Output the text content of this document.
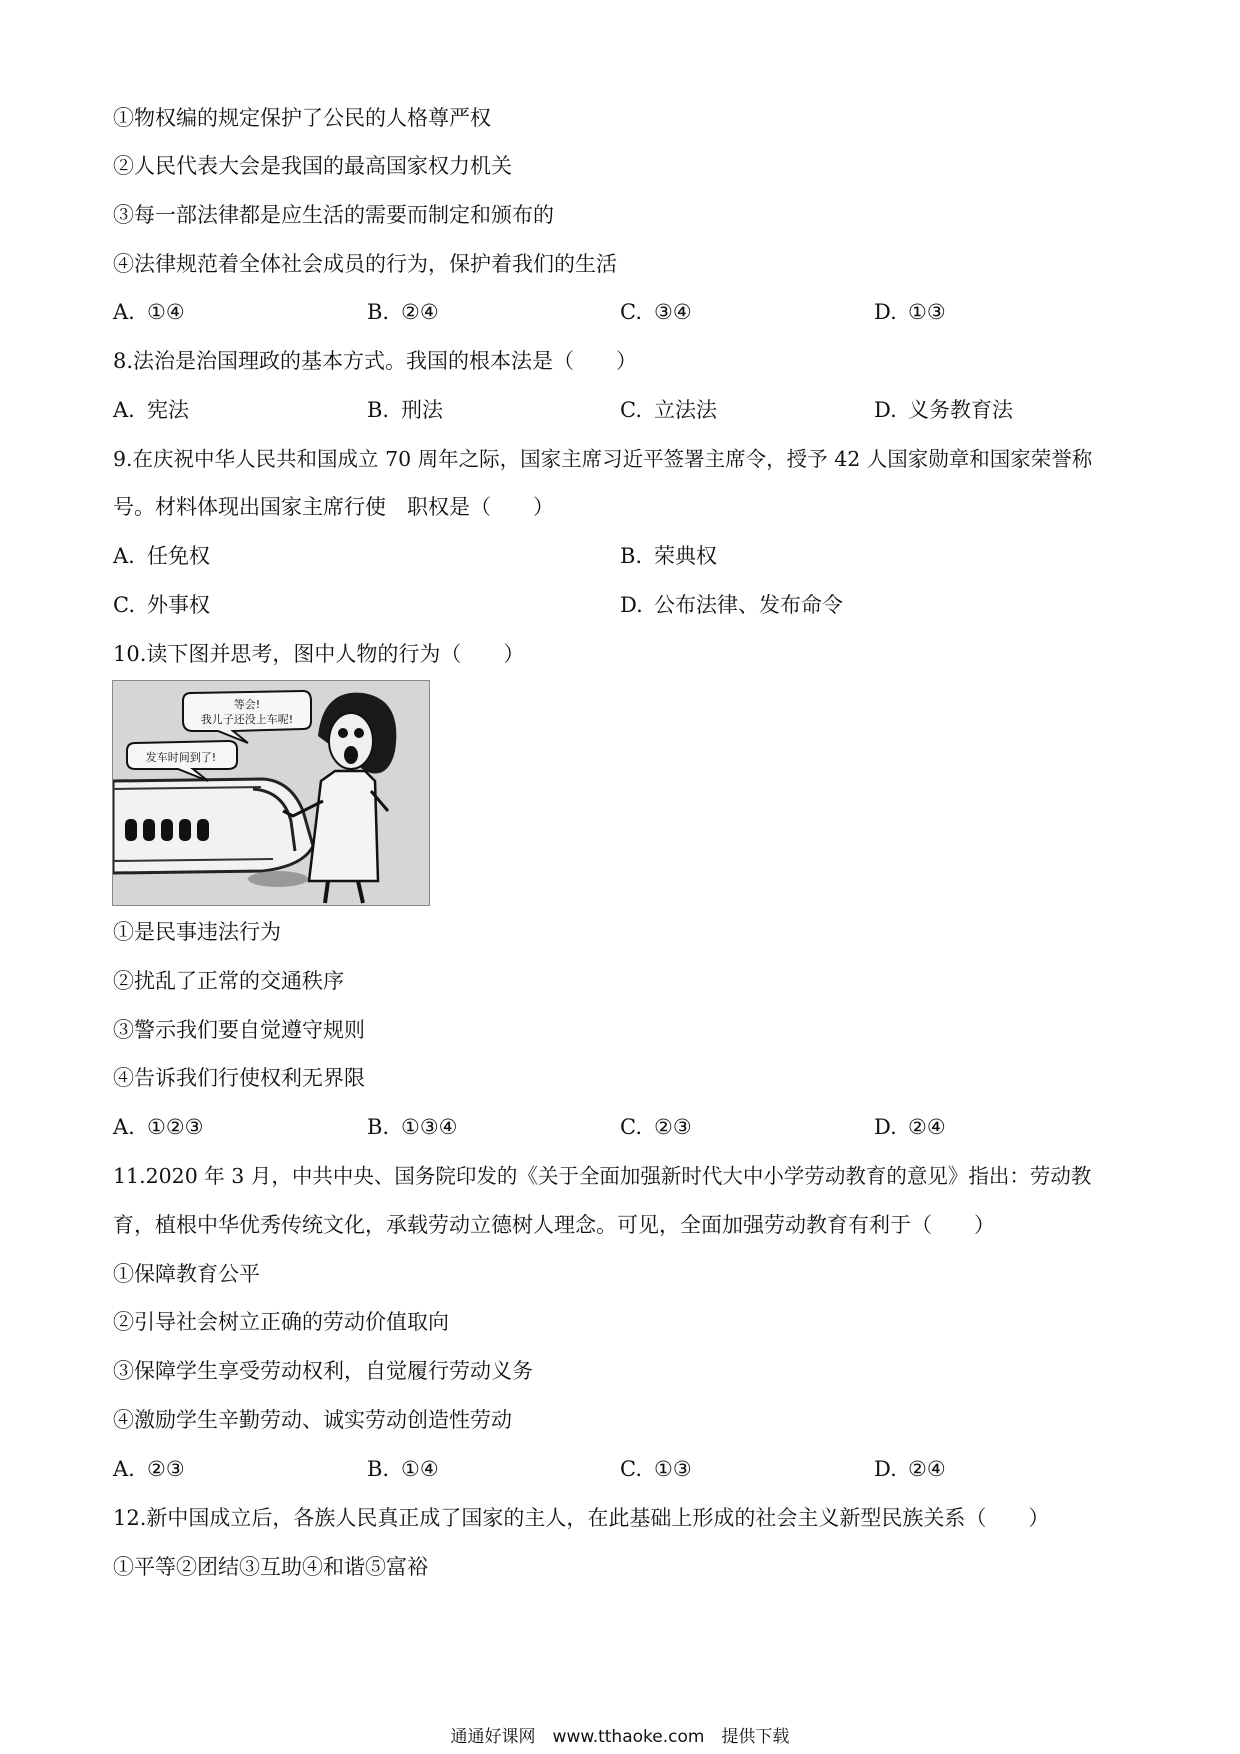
①物权编的规定保护了公民的人格尊严权

②人民代表大会是我国的最高国家权力机关

③每一部法律都是应生活的需要而制定和颁布的

④法律规范着全体社会成员的行为，保护着我们的生活

A. ①④	B. ②④	C. ③④	D. ①③

8.法治是治国理政的基本方式。我国的根本法是（　　）

A. 宪法	B. 刑法	C. 立法法	D. 义务教育法

9.在庆祝中华人民共和国成立 70 周年之际，国家主席习近平签署主席令，授予 42 人国家勋章和国家荣誉称

号。材料体现出国家主席行使　职权是（　　）

A. 任免权	B. 荣典权
C. 外事权	D. 公布法律、发布命令

10.读下图并思考，图中人物的行为（　　）

等会!
我儿子还没上车呢!
发车时间到了!

①是民事违法行为

②扰乱了正常的交通秩序

③警示我们要自觉遵守规则

④告诉我们行使权利无界限

A. ①②③	B. ①③④	C. ②③	D. ②④

11.2020 年 3 月，中共中央、国务院印发的《关于全面加强新时代大中小学劳动教育的意见》指出：劳动教

育，植根中华优秀传统文化，承载劳动立德树人理念。可见，全面加强劳动教育有利于（　　）

①保障教育公平

②引导社会树立正确的劳动价值取向

③保障学生享受劳动权利，自觉履行劳动义务

④激励学生辛勤劳动、诚实劳动创造性劳动

A. ②③	B. ①④	C. ①③	D. ②④

12.新中国成立后，各族人民真正成了国家的主人，在此基础上形成的社会主义新型民族关系（　　）

①平等②团结③互助④和谐⑤富裕

通通好课网　www.tthaoke.com　提供下载
